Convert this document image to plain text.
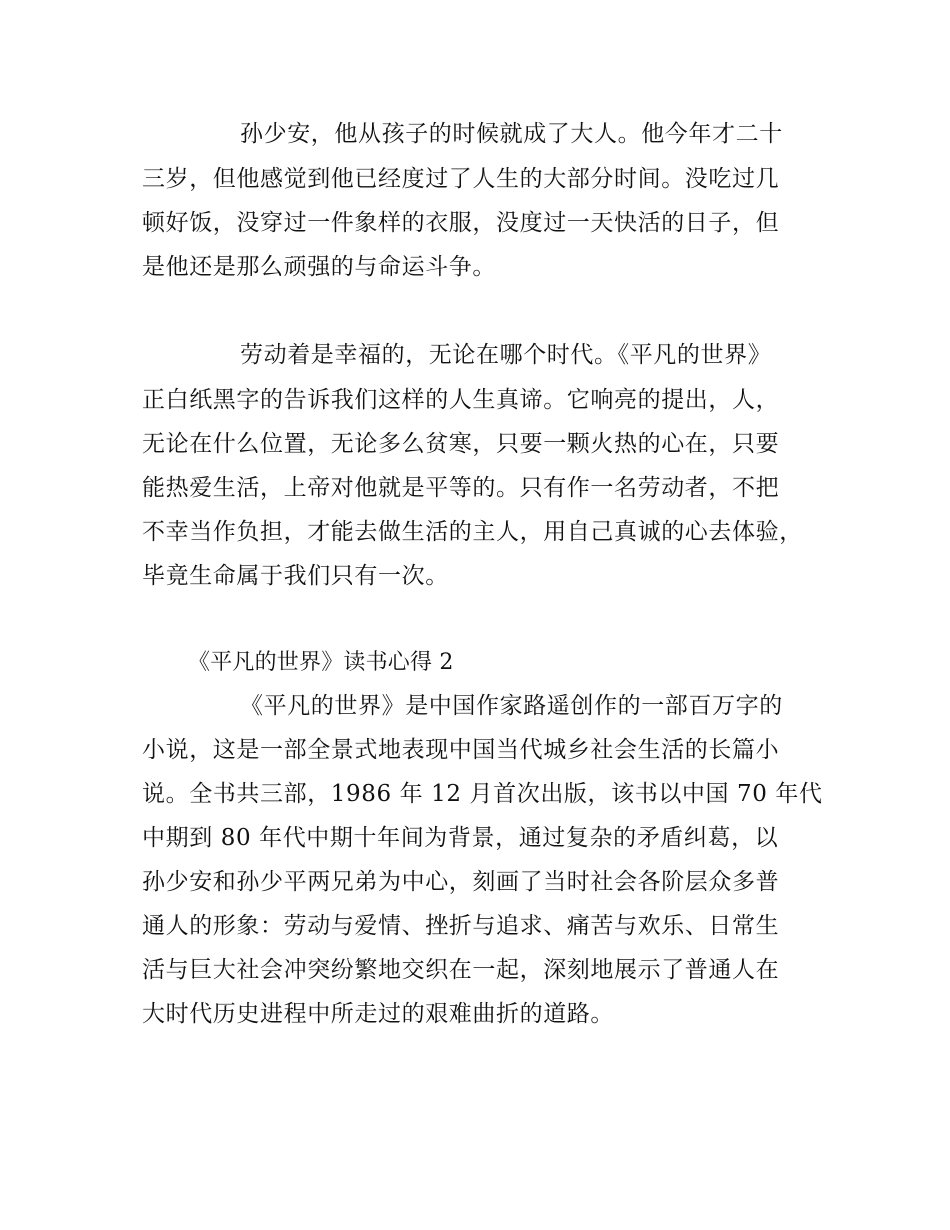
孙少安，他从孩子的时候就成了大人。他今年才二十
三岁，但他感觉到他已经度过了人生的大部分时间。没吃过几
顿好饭，没穿过一件象样的衣服，没度过一天快活的日子，但
是他还是那么顽强的与命运斗争。
劳动着是幸福的，无论在哪个时代。《平凡的世界》
正白纸黑字的告诉我们这样的人生真谛。它响亮的提出，人，
无论在什么位置，无论多么贫寒，只要一颗火热的心在，只要
能热爱生活，上帝对他就是平等的。只有作一名劳动者，不把
不幸当作负担，才能去做生活的主人，用自己真诚的心去体验，
毕竟生命属于我们只有一次。
《平凡的世界》读书心得 2
《平凡的世界》是中国作家路遥创作的一部百万字的
小说，这是一部全景式地表现中国当代城乡社会生活的长篇小
说。全书共三部，1986 年 12 月首次出版，该书以中国 70 年代
中期到 80 年代中期十年间为背景，通过复杂的矛盾纠葛，以
孙少安和孙少平两兄弟为中心，刻画了当时社会各阶层众多普
通人的形象：劳动与爱情、挫折与追求、痛苦与欢乐、日常生
活与巨大社会冲突纷繁地交织在一起，深刻地展示了普通人在
大时代历史进程中所走过的艰难曲折的道路。
